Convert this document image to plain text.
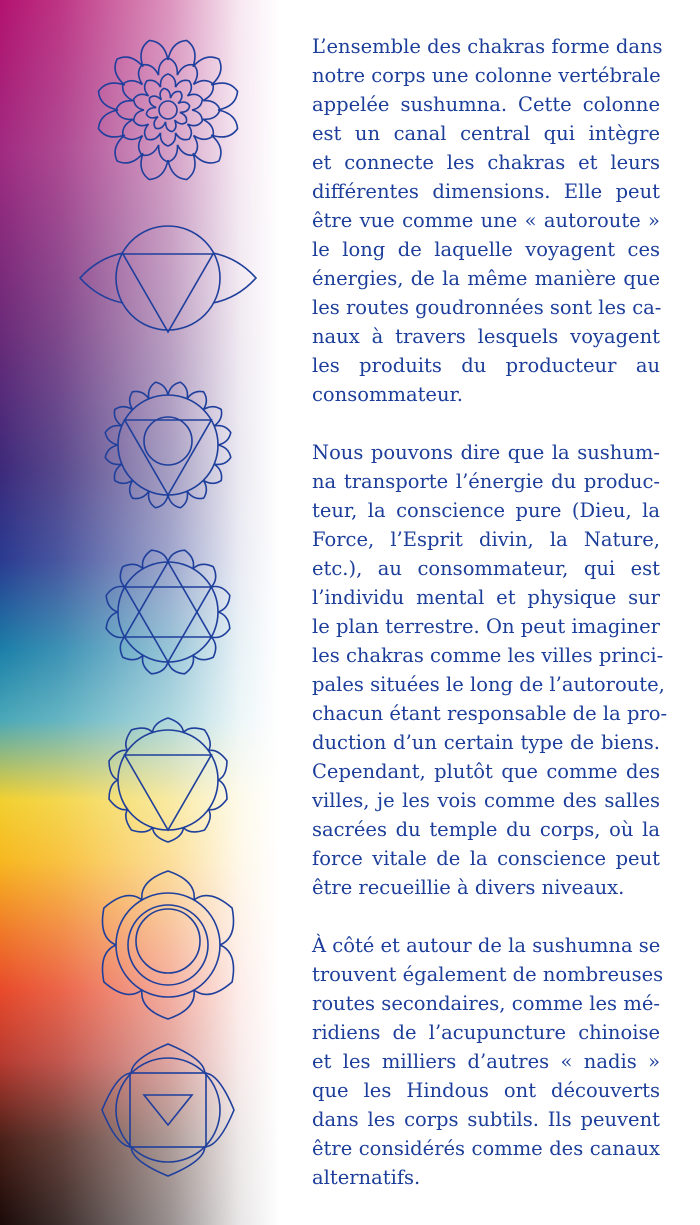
L’ensemble des chakras forme dans
notre corps une colonne vertébrale
appelée sushumna. Cette colonne
est un canal central qui intègre
et connecte les chakras et leurs
différentes dimensions. Elle peut
être vue comme une « autoroute »
le long de laquelle voyagent ces
énergies, de la même manière que
les routes goudronnées sont les ca-
naux à travers lesquels voyagent
les produits du producteur au
consommateur.
Nous pouvons dire que la sushum-
na transporte l’énergie du produc-
teur, la conscience pure (Dieu, la
Force, l’Esprit divin, la Nature,
etc.), au consommateur, qui est
l’individu mental et physique sur
le plan terrestre. On peut imaginer
les chakras comme les villes princi-
pales situées le long de l’autoroute,
chacun étant responsable de la pro-
duction d’un certain type de biens.
Cependant, plutôt que comme des
villes, je les vois comme des salles
sacrées du temple du corps, où la
force vitale de la conscience peut
être recueillie à divers niveaux.
À côté et autour de la sushumna se
trouvent également de nombreuses
routes secondaires, comme les mé-
ridiens de l’acupuncture chinoise
et les milliers d’autres « nadis »
que les Hindous ont découverts
dans les corps subtils. Ils peuvent
être considérés comme des canaux
alternatifs.
